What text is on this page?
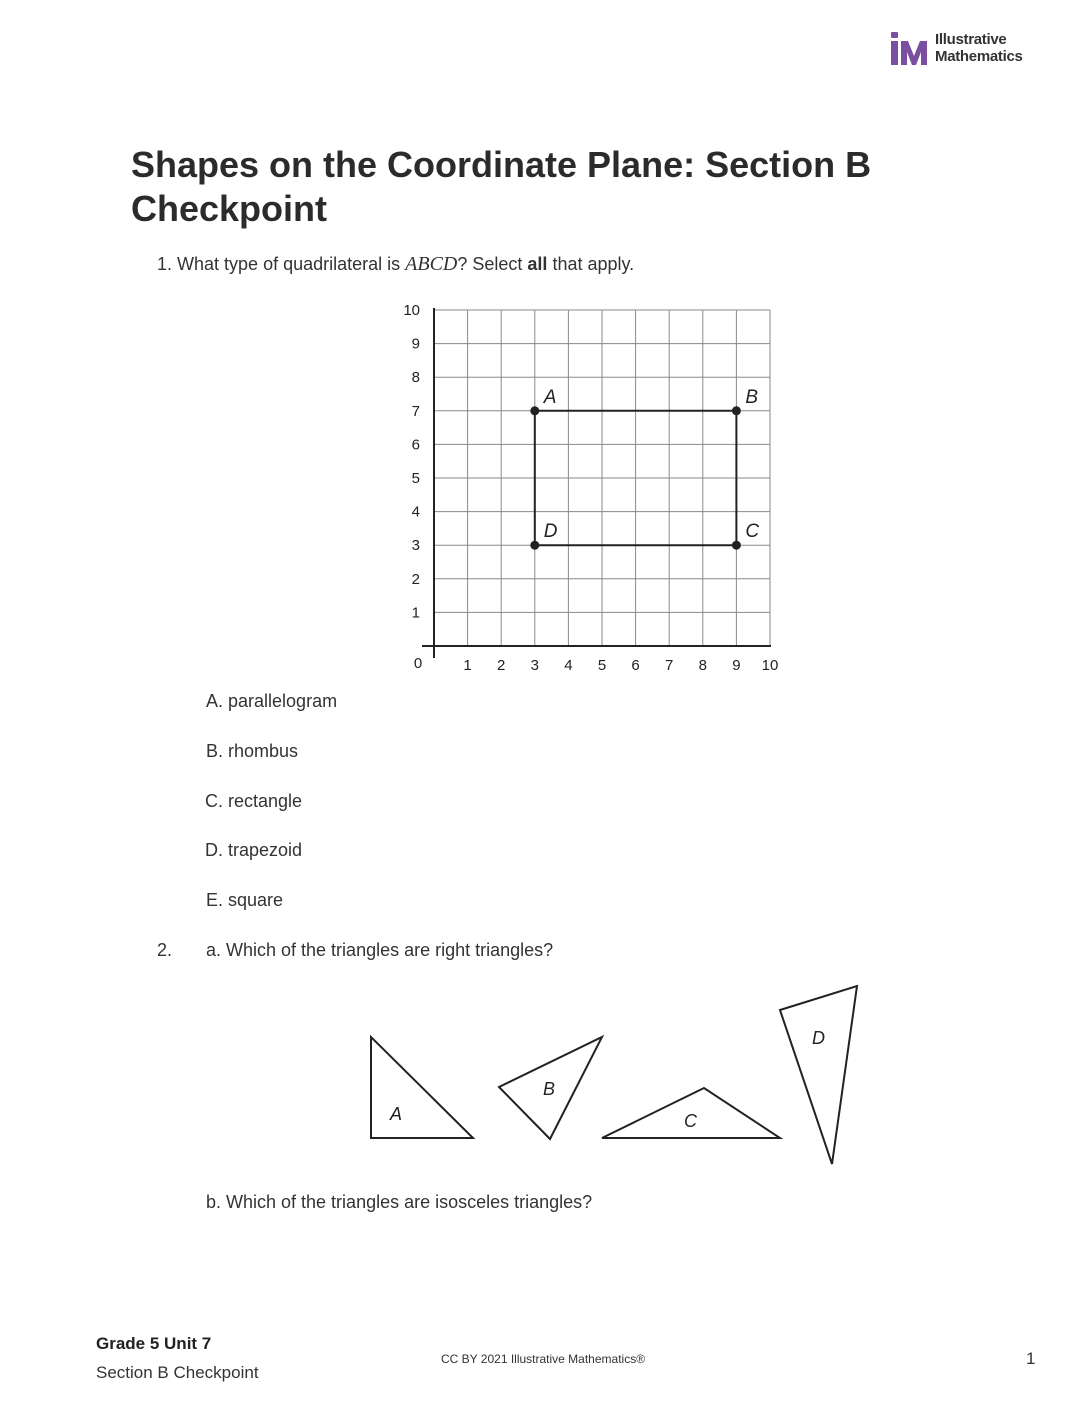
Illustrative
Mathematics
Shapes on the Coordinate Plane: Section B Checkpoint
1. What type of quadrilateral is ABCD? Select all that apply.
1 2 3 4 5 6 7 8 9 10
1
2
3
4
5
6
7
8
9
10
0
A	B
C
D
A. parallelogram
B. rhombus
C. rectangle
D. trapezoid
E. square
2. a. Which of the triangles are right triangles?
A
B
C
D
b. Which of the triangles are isosceles triangles?
Grade 5 Unit 7
Section B Checkpoint
CC BY 2021 Illustrative Mathematics®	1
